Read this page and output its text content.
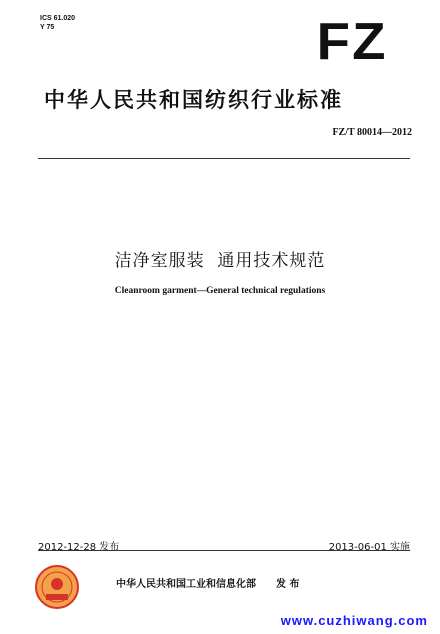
ICS 61.020
Y 75	FZ
中华人民共和国纺织行业标准
FZ/T 80014—2012
洁净室服装  通用技术规范
Cleanroom garment—General technical regulations
2012-12-28 发布	2013-06-01 实施
中华人民共和国工业和信息化部 发 布
www.cuzhiwang.com
